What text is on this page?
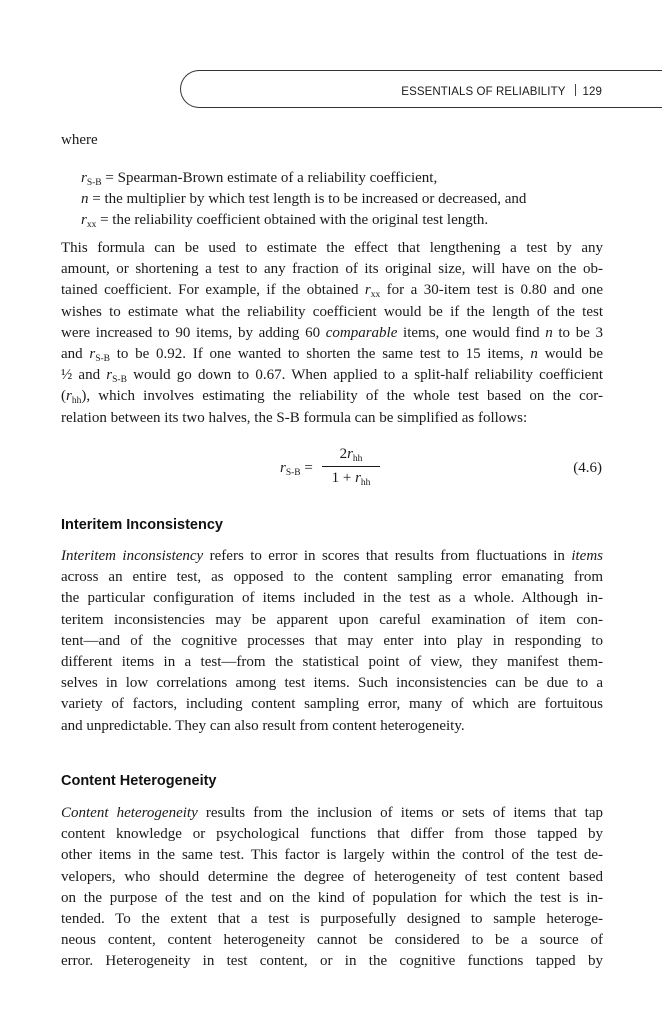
ESSENTIALS OF RELIABILITY 129
where
$r_{S-B}$ = Spearman-Brown estimate of a reliability coefficient,
n = the multiplier by which test length is to be increased or decreased, and
$r_{xx}$ = the reliability coefficient obtained with the original test length.
This formula can be used to estimate the effect that lengthening a test by any
amount, or shortening a test to any fraction of its original size, will have on the ob-
tained coefficient. For example, if the obtained $r_{xx}$ for a 30-item test is 0.80 and one
wishes to estimate what the reliability coefficient would be if the length of the test
were increased to 90 items, by adding 60 comparable items, one would find n to be 3
and $r_{S-B}$ to be 0.92. If one wanted to shorten the same test to 15 items, n would be
½ and $r_{S-B}$ would go down to 0.67. When applied to a split-half reliability coefficient
$(r_{hh})$, which involves estimating the reliability of the whole test based on the cor-
relation between its two halves, the S-B formula can be simplified as follows:
$r_{S-B}$ =
$2r_{hh}$
$1 + r_{hh}$
(4.6)
Interitem Inconsistency
Interitem inconsistency refers to error in scores that results from fluctuations in items
across an entire test, as opposed to the content sampling error emanating from
the particular configuration of items included in the test as a whole. Although in-
teritem inconsistencies may be apparent upon careful examination of item con-
tent—and of the cognitive processes that may enter into play in responding to
different items in a test—from the statistical point of view, they manifest them-
selves in low correlations among test items. Such inconsistencies can be due to a
variety of factors, including content sampling error, many of which are fortuitous
and unpredictable. They can also result from content heterogeneity.
Content Heterogeneity
Content heterogeneity results from the inclusion of items or sets of items that tap
content knowledge or psychological functions that differ from those tapped by
other items in the same test. This factor is largely within the control of the test de-
velopers, who should determine the degree of heterogeneity of test content based
on the purpose of the test and on the kind of population for which the test is in-
tended. To the extent that a test is purposefully designed to sample heteroge-
neous content, content heterogeneity cannot be considered to be a source of
error. Heterogeneity in test content, or in the cognitive functions tapped by
